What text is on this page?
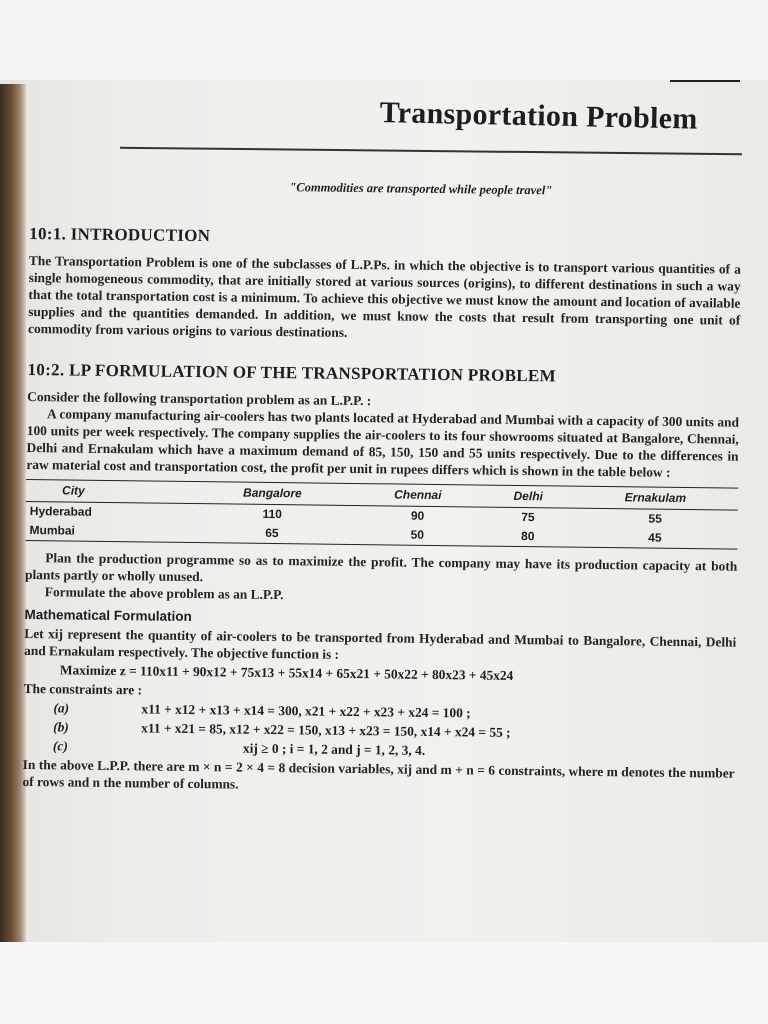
Transportation Problem
"Commodities are transported while people travel"
10:1. INTRODUCTION

The Transportation Problem is one of the subclasses of L.P.Ps. in which the objective is to transport various quantities of a single homogeneous commodity, that are initially stored at various sources (origins), to different destinations in such a way that the total transportation cost is a minimum. To achieve this objective we must know the amount and location of available supplies and the quantities demanded. In addition, we must know the costs that result from transporting one unit of commodity from various origins to various destinations.

10:2. LP FORMULATION OF THE TRANSPORTATION PROBLEM

Consider the following transportation problem as an L.P.P. :

A company manufacturing air-coolers has two plants located at Hyderabad and Mumbai with a capacity of 300 units and 100 units per week respectively. The company supplies the air-coolers to its four showrooms situated at Bangalore, Chennai, Delhi and Ernakulam which have a maximum demand of 85, 150, 150 and 55 units respectively. Due to the differences in raw material cost and transportation cost, the profit per unit in rupees differs which is shown in the table below :

City	Bangalore	Chennai	Delhi	Ernakulam
Hyderabad	110	90	75	55
Mumbai	65	50	80	45

Plan the production programme so as to maximize the profit. The company may have its production capacity at both plants partly or wholly unused.

Formulate the above problem as an L.P.P.

Mathematical Formulation

Let xij represent the quantity of air-coolers to be transported from Hyderabad and Mumbai to Bangalore, Chennai, Delhi and Ernakulam respectively. The objective function is :

Maximize z = 110x11 + 90x12 + 75x13 + 55x14 + 65x21 + 50x22 + 80x23 + 45x24
The constraints are :
(a)	x11 + x12 + x13 + x14 = 300, x21 + x22 + x23 + x24 = 100 ;
(b)	x11 + x21 = 85, x12 + x22 = 150, x13 + x23 = 150, x14 + x24 = 55 ;
(c)	xij ≥ 0 ; i = 1, 2 and j = 1, 2, 3, 4.

In the above L.P.P. there are m × n = 2 × 4 = 8 decision variables, xij and m + n = 6 constraints, where m denotes the number of rows and n the number of columns.
